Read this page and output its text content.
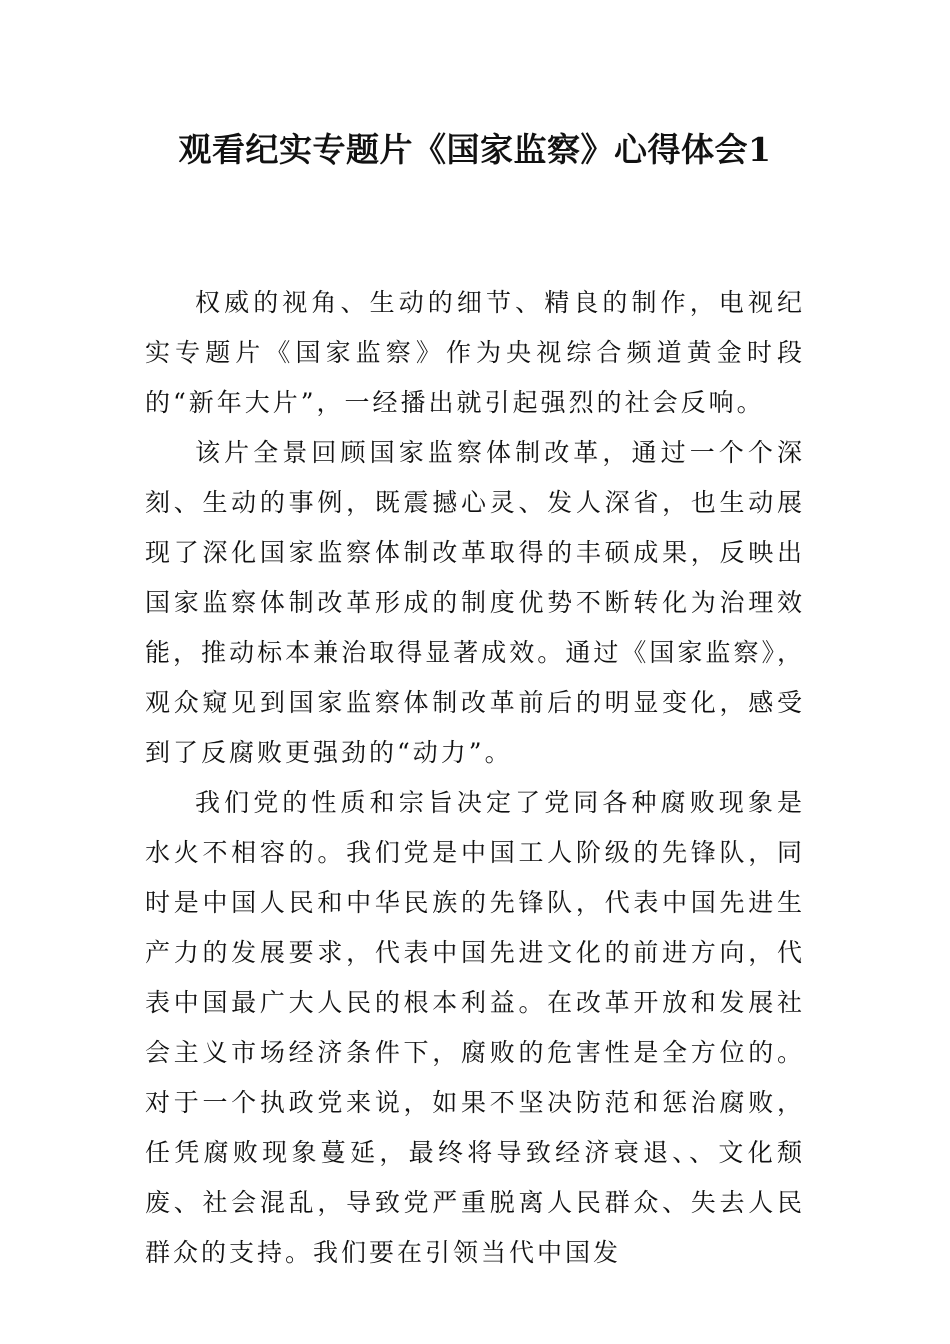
观看纪实专题片《国家监察》心得体会1

权威的视角、生动的细节、精良的制作，电视纪实专题片《国家监察》作为央视综合频道黄金时段的“新年大片”，一经播出就引起强烈的社会反响。

该片全景回顾国家监察体制改革，通过一个个深刻、生动的事例，既震撼心灵、发人深省，也生动展现了深化国家监察体制改革取得的丰硕成果，反映出国家监察体制改革形成的制度优势不断转化为治理效能，推动标本兼治取得显著成效。通过《国家监察》，观众窥见到国家监察体制改革前后的明显变化，感受到了反腐败更强劲的“动力”。

我们党的性质和宗旨决定了党同各种腐败现象是水火不相容的。我们党是中国工人阶级的先锋队，同时是中国人民和中华民族的先锋队，代表中国先进生产力的发展要求，代表中国先进文化的前进方向，代表中国最广大人民的根本利益。在改革开放和发展社会主义市场经济条件下，腐败的危害性是全方位的。对于一个执政党来说，如果不坚决防范和惩治腐败，任凭腐败现象蔓延，最终将导致经济衰退、、文化颓废、社会混乱，导致党严重脱离人民群众、失去人民群众的支持。我们要在引领当代中国发
